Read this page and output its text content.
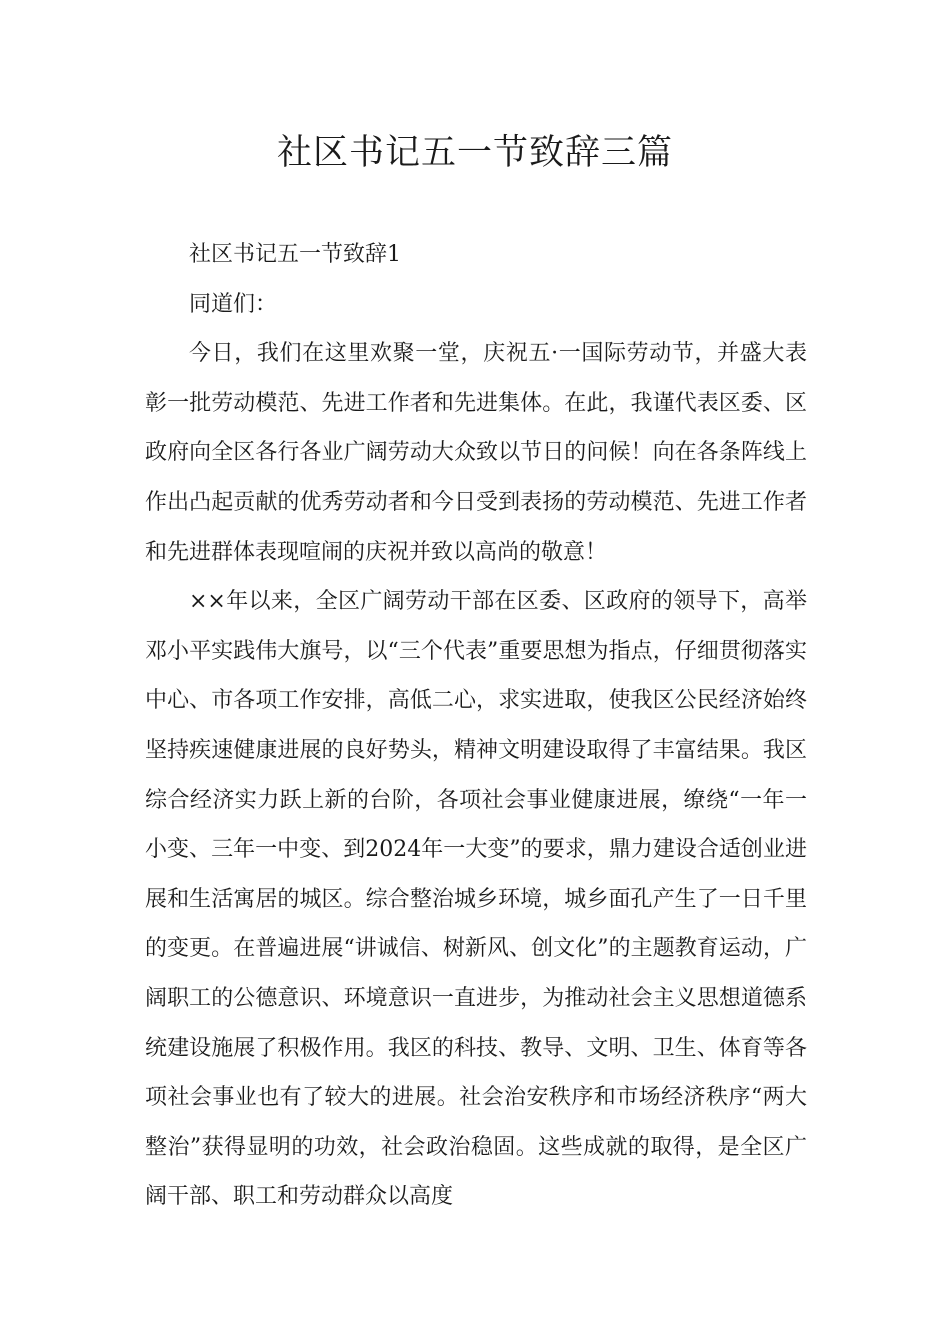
社区书记五一节致辞三篇

社区书记五一节致辞1

同道们：

今日，我们在这里欢聚一堂，庆祝五·一国际劳动节，并盛大表彰一批劳动模范、先进工作者和先进集体。在此，我谨代表区委、区政府向全区各行各业广阔劳动大众致以节日的问候！向在各条阵线上作出凸起贡献的优秀劳动者和今日受到表扬的劳动模范、先进工作者和先进群体表现喧闹的庆祝并致以高尚的敬意！

××年以来，全区广阔劳动干部在区委、区政府的领导下，高举邓小平实践伟大旗号，以“三个代表”重要思想为指点，仔细贯彻落实中心、市各项工作安排，高低二心，求实进取，使我区公民经济始终坚持疾速健康进展的良好势头，精神文明建设取得了丰富结果。我区综合经济实力跃上新的台阶，各项社会事业健康进展，缭绕“一年一小变、三年一中变、到2024年一大变”的要求，鼎力建设合适创业进展和生活寓居的城区。综合整治城乡环境，城乡面孔产生了一日千里的变更。在普遍进展“讲诚信、树新风、创文化”的主题教育运动，广阔职工的公德意识、环境意识一直进步，为推动社会主义思想道德系统建设施展了积极作用。我区的科技、教导、文明、卫生、体育等各项社会事业也有了较大的进展。社会治安秩序和市场经济秩序“两大整治”获得显明的功效，社会政治稳固。这些成就的取得，是全区广阔干部、职工和劳动群众以高度
